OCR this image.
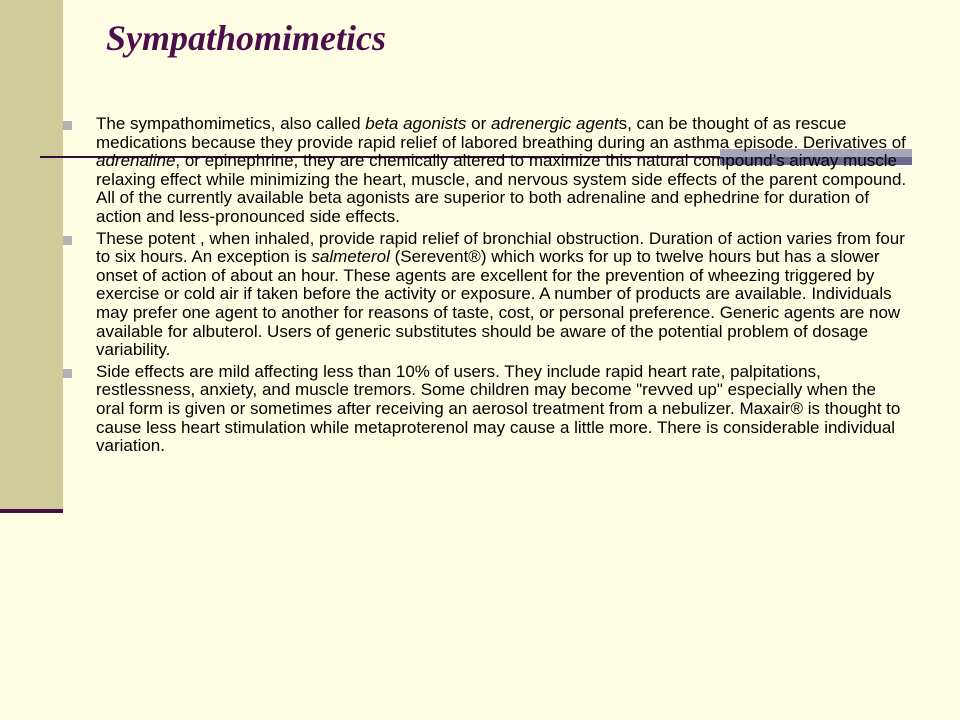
Sympathomimetics
The sympathomimetics, also called beta agonists or adrenergic agents, can be thought of as rescue medications because they provide rapid relief of labored breathing during an asthma episode. Derivatives of adrenaline, or epinephrine, they are chemically altered to maximize this natural compound’s airway muscle relaxing effect while minimizing the heart, muscle, and nervous system side effects of the parent compound. All of the currently available beta agonists are superior to both adrenaline and ephedrine for duration of action and less-pronounced side effects.
These potent , when inhaled, provide rapid relief of bronchial obstruction. Duration of action varies from four to six hours. An exception is salmeterol (Serevent®) which works for up to twelve hours but has a slower onset of action of about an hour. These agents are excellent for the prevention of wheezing triggered by exercise or cold air if taken before the activity or exposure. A number of products are available. Individuals may prefer one agent to another for reasons of taste, cost, or personal preference. Generic agents are now available for albuterol. Users of generic substitutes should be aware of the potential problem of dosage variability.
Side effects are mild affecting less than 10% of users. They include rapid heart rate, palpitations, restlessness, anxiety, and muscle tremors. Some children may become "revved up" especially when the oral form is given or sometimes after receiving an aerosol treatment from a nebulizer. Maxair® is thought to cause less heart stimulation while metaproterenol may cause a little more. There is considerable individual variation.
